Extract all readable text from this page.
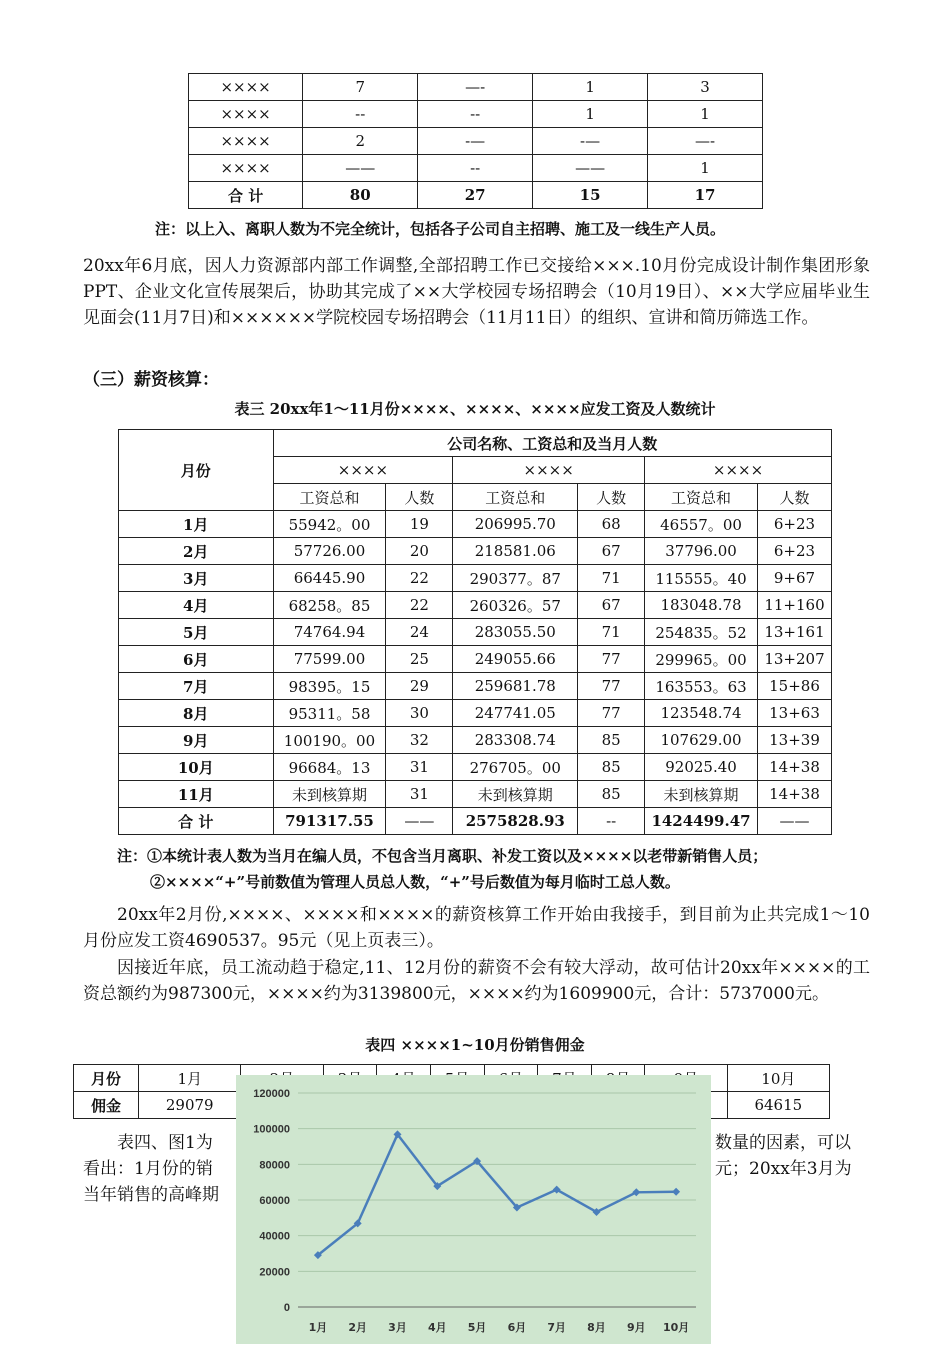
××××	7	—-	1	3
××××	--	--	1	1
××××	2	-—	-—	—-
××××	——	--	——	1
合 计	80	27	15	17
注：以上入、离职人数为不完全统计，包括各子公司自主招聘、施工及一线生产人员。
20xx年6月底，因人力资源部内部工作调整,全部招聘工作已交接给×××.10月份完成设计制作集团形象PPT、企业文化宣传展架后，协助其完成了××大学校园专场招聘会（10月19日）、××大学应届毕业生见面会(11月7日)和××××××学院校园专场招聘会（11月11日）的组织、宣讲和简历筛选工作。
（三）薪资核算：
表三 20xx年1～11月份××××、××××、××××应发工资及人数统计
月份	公司名称、工资总和及当月人数					
	××××		××××		××××	
	工资总和	人数	工资总和	人数	工资总和	人数
1月	55942。00	19	206995.70	68	46557。00	6+23
2月	57726.00	20	218581.06	67	37796.00	6+23
3月	66445.90	22	290377。87	71	115555。40	9+67
4月	68258。85	22	260326。57	67	183048.78	11+160
5月	74764.94	24	283055.50	71	254835。52	13+161
6月	77599.00	25	249055.66	77	299965。00	13+207
7月	98395。15	29	259681.78	77	163553。63	15+86
8月	95311。58	30	247741.05	77	123548.74	13+63
9月	100190。00	32	283308.74	85	107629.00	13+39
10月	96684。13	31	276705。00	85	92025.40	14+38
11月	未到核算期	31	未到核算期	85	未到核算期	14+38
合 计	791317.55	——	2575828.93	--	1424499.47	——
注：①本统计表人数为当月在编人员，不包含当月离职、补发工资以及××××以老带新销售人员；
②××××“+”号前数值为管理人员总人数，“+”号后数值为每月临时工总人数。
20xx年2月份,××××、××××和××××的薪资核算工作开始由我接手，到目前为止共完成1～10月份应发工资4690537。95元（见上页表三）。
因接近年底，员工流动趋于稳定,11、12月份的薪资不会有较大浮动，故可估计20xx年××××的工资总额约为987300元，××××约为3139800元，××××约为1609900元，合计：5737000元。
表四 ××××1~10月份销售佣金
月份	1月									10月
佣金	29079									64615
表四、图1为	数量的因素，可以
看出：1月份的销	元；20xx年3月为
当年销售的高峰期
0
20000
40000
60000
80000
100000
120000
1月 2月 3月 4月 5月 6月 7月 8月 9月 10月
